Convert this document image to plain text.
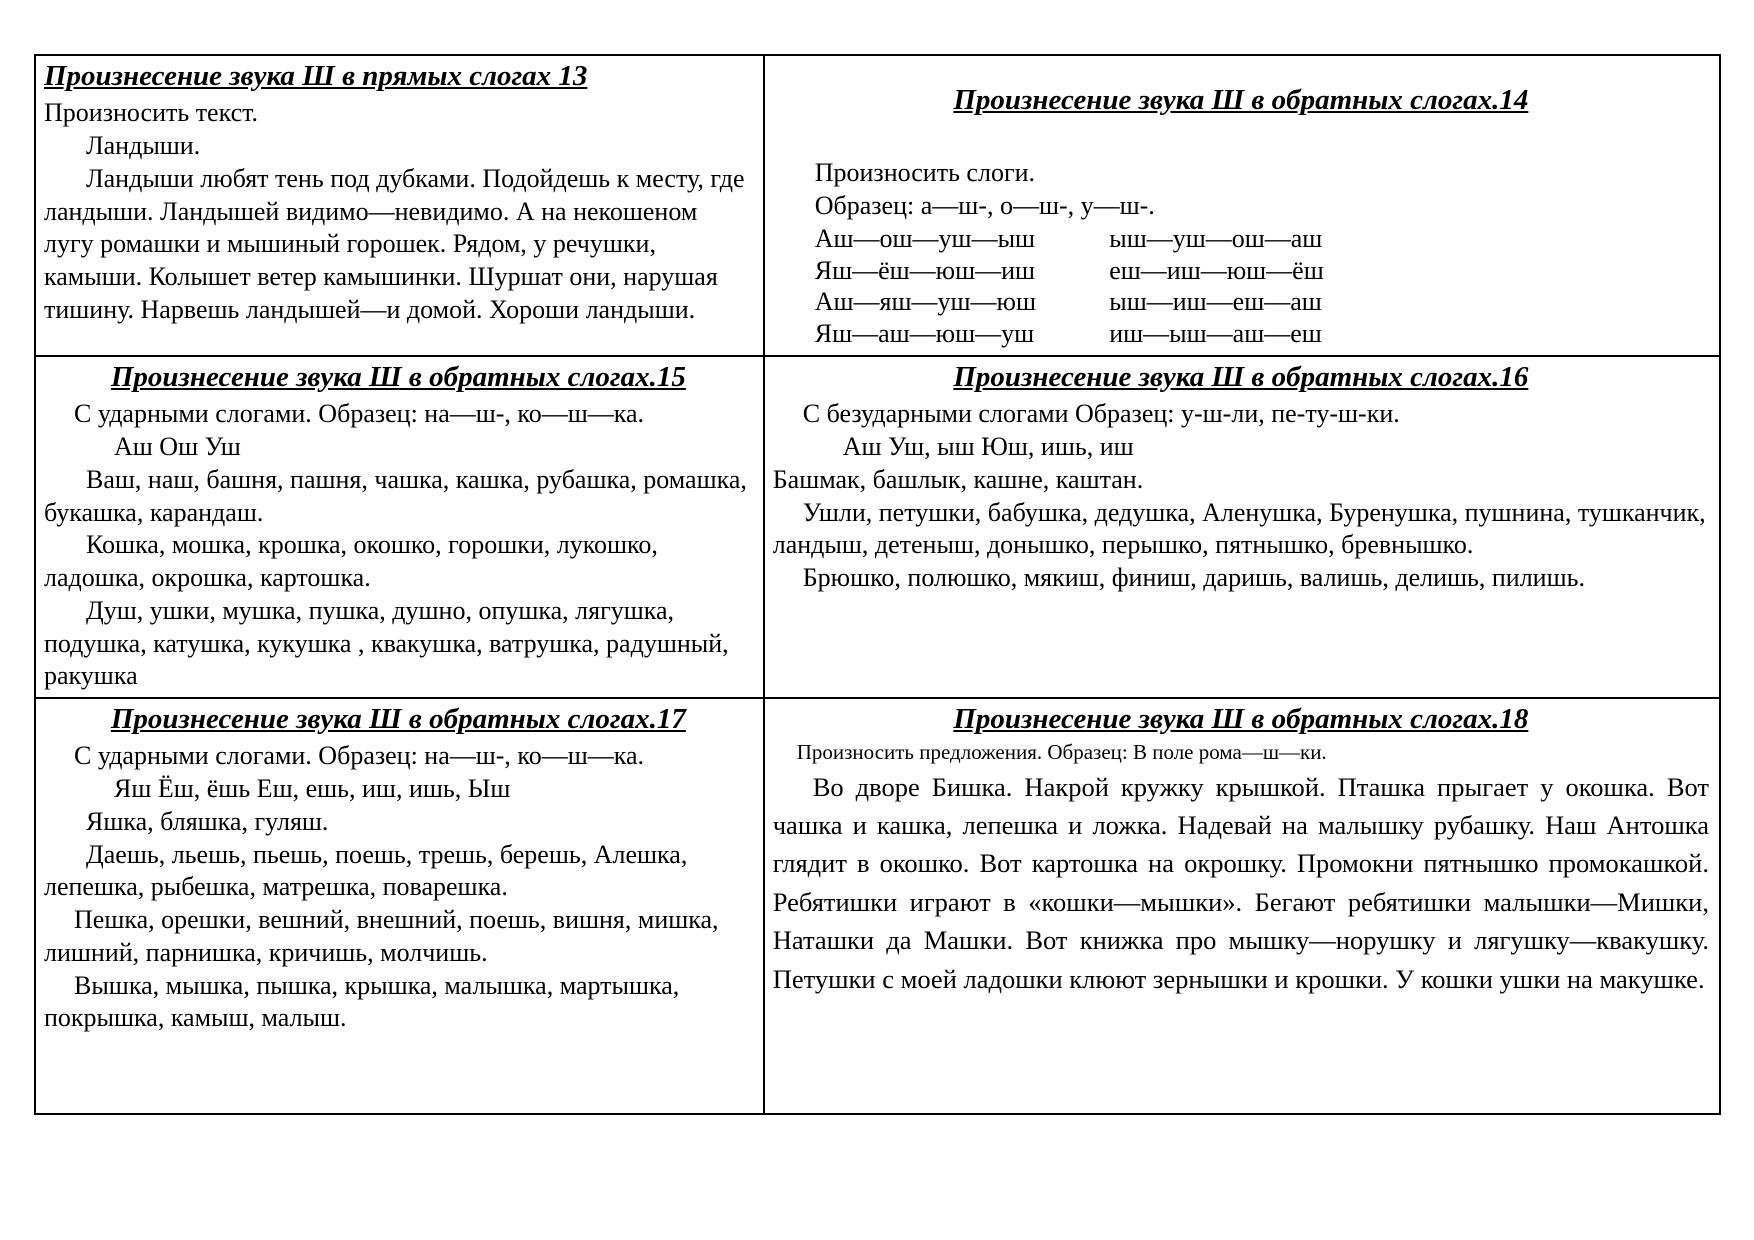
Произнесение звука Ш в прямых слогах 13

Произносить текст.

Ландыши.

Ландыши любят тень под дубками. Подойдешь к месту, где ландыши. Ландышей видимо—невидимо. А на некошеном лугу ромашки и мышиный горошек. Рядом, у речушки, камыши. Колышет ветер камышинки. Шуршат они, нарушая тишину. Нарвешь ландышей—и домой. Хороши ландыши.

Произнесение звука Ш в обратных слогах.14

Произносить слоги.

Образец: а—ш-, о—ш-, у—ш-.

Аш—ош—уш—ыш	ыш—уш—ош—аш
Яш—ёш—юш—иш	еш—иш—юш—ёш
Аш—яш—уш—юш	ыш—иш—еш—аш
Яш—аш—юш—уш	иш—ыш—аш—еш
Произнесение звука Ш в обратных слогах.15

С ударными слогами. Образец: на—ш-, ко—ш—ка.

Аш Ош Уш

Ваш, наш, башня, пашня, чашка, кашка, рубашка, ромашка, букашка, карандаш.

Кошка, мошка, крошка, окошко, горошки, лукошко, ладошка, окрошка, картошка.

Душ, ушки, мушка, пушка, душно, опушка, лягушка, подушка, катушка, кукушка , квакушка, ватрушка, радушный, ракушка

Произнесение звука Ш в обратных слогах.16

С безударными слогами Образец: у-ш-ли, пе-ту-ш-ки.

Аш Уш, ыш Юш, ишь, иш

Башмак, башлык, кашне, каштан.

Ушли, петушки, бабушка, дедушка, Аленушка, Буренушка, пушнина, тушканчик, ландыш, детеныш, донышко, перышко, пятнышко, бревнышко.

Брюшко, полюшко, мякиш, финиш, даришь, валишь, делишь, пилишь.

Произнесение звука Ш в обратных слогах.17

С ударными слогами. Образец: на—ш-, ко—ш—ка.

Яш Ёш, ёшь Еш, ешь, иш, ишь, Ыш

Яшка, бляшка, гуляш.

Даешь, льешь, пьешь, поешь, трешь, берешь, Алешка, лепешка, рыбешка, матрешка, поварешка.

Пешка, орешки, вешний, внешний, поешь, вишня, мишка, лишний, парнишка, кричишь, молчишь.

Вышка, мышка, пышка, крышка, малышка, мартышка, покрышка, камыш, малыш.

Произнесение звука Ш в обратных слогах.18

Произносить предложения. Образец: В поле рома—ш—ки.

Во дворе Бишка. Накрой кружку крышкой. Пташка прыгает у окошка. Вот чашка и кашка, лепешка и ложка. Надевай на малышку рубашку. Наш Антошка глядит в окошко. Вот картошка на окрошку. Промокни пятнышко промокашкой. Ребятишки играют в «кошки—мышки». Бегают ребятишки малышки—Мишки, Наташки да Машки. Вот книжка про мышку—норушку и лягушку—квакушку. Петушки с моей ладошки клюют зернышки и крошки. У кошки ушки на макушке.
